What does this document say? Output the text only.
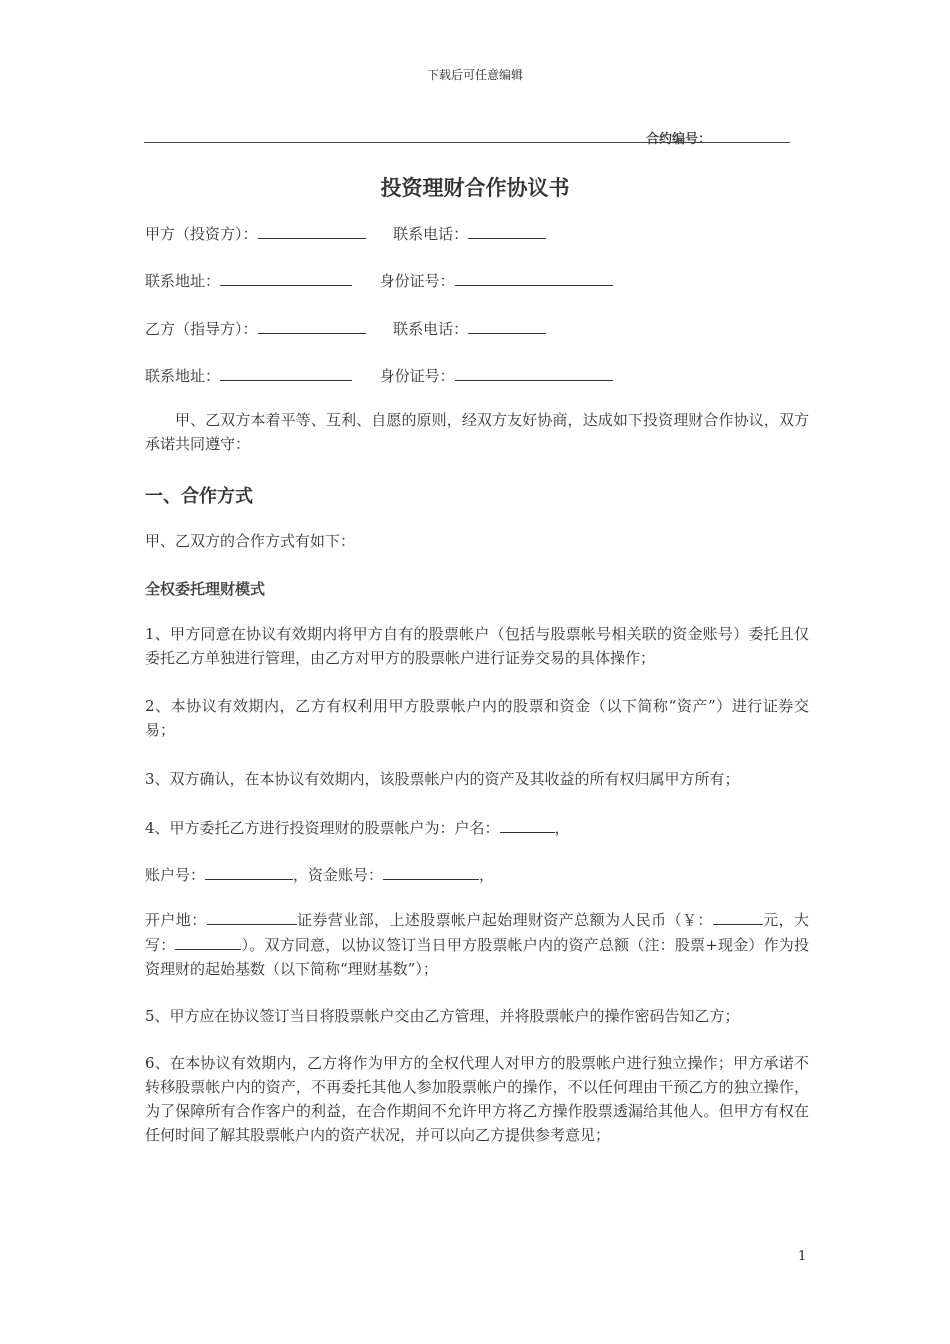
下载后可任意编辑
合约编号：
投资理财合作协议书
甲方（投资方）：	联系电话：
联系地址：	身份证号：
乙方（指导方）：	联系电话：
联系地址：	身份证号：
甲、乙双方本着平等、互利、自愿的原则，经双方友好协商，达成如下投资理财合作协议，双方承诺共同遵守：
一、合作方式
甲、乙双方的合作方式有如下：
全权委托理财模式
1、甲方同意在协议有效期内将甲方自有的股票帐户（包括与股票帐号相关联的资金账号）委托且仅委托乙方单独进行管理，由乙方对甲方的股票帐户进行证券交易的具体操作；
2、本协议有效期内，乙方有权利用甲方股票帐户内的股票和资金（以下简称“资产”）进行证券交易；
3、双方确认，在本协议有效期内，该股票帐户内的资产及其收益的所有权归属甲方所有；
4、甲方委托乙方进行投资理财的股票帐户为：户名：	，
账户号：	，资金账号：	，
开户地：	证券营业部，上述股票帐户起始理财资产总额为人民币（￥：	元，大写：	）。双方同意，以协议签订当日甲方股票帐户内的资产总额（注：股票+现金）作为投资理财的起始基数（以下简称“理财基数”）；
5、甲方应在协议签订当日将股票帐户交由乙方管理，并将股票帐户的操作密码告知乙方；
6、在本协议有效期内，乙方将作为甲方的全权代理人对甲方的股票帐户进行独立操作；甲方承诺不转移股票帐户内的资产，不再委托其他人参加股票帐户的操作，不以任何理由干预乙方的独立操作，为了保障所有合作客户的利益，在合作期间不允许甲方将乙方操作股票透漏给其他人。但甲方有权在任何时间了解其股票帐户内的资产状况，并可以向乙方提供参考意见；
1
